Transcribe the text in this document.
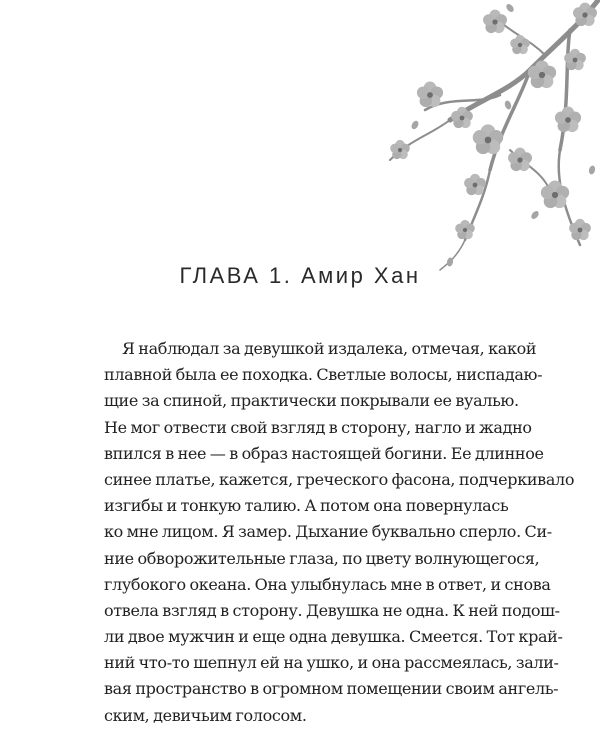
ГЛАВА 1. Амир Хан
Я наблюдал за девушкой издалека, отмечая, какой
плавной была ее походка. Светлые волосы, ниспадаю-
щие за спиной, практически покрывали ее вуалью.
Не мог отвести свой взгляд в сторону, нагло и жадно
впился в нее — в образ настоящей богини. Ее длинное
синее платье, кажется, греческого фасона, подчеркивало
изгибы и тонкую талию. А потом она повернулась
ко мне лицом. Я замер. Дыхание буквально сперло. Си-
ние обворожительные глаза, по цвету волнующегося,
глубокого океана. Она улыбнулась мне в ответ, и снова
отвела взгляд в сторону. Девушка не одна. К ней подош-
ли двое мужчин и еще одна девушка. Смеется. Тот край-
ний что-то шепнул ей на ушко, и она рассмеялась, зали-
вая пространство в огромном помещении своим ангель-
ским, девичьим голосом.
